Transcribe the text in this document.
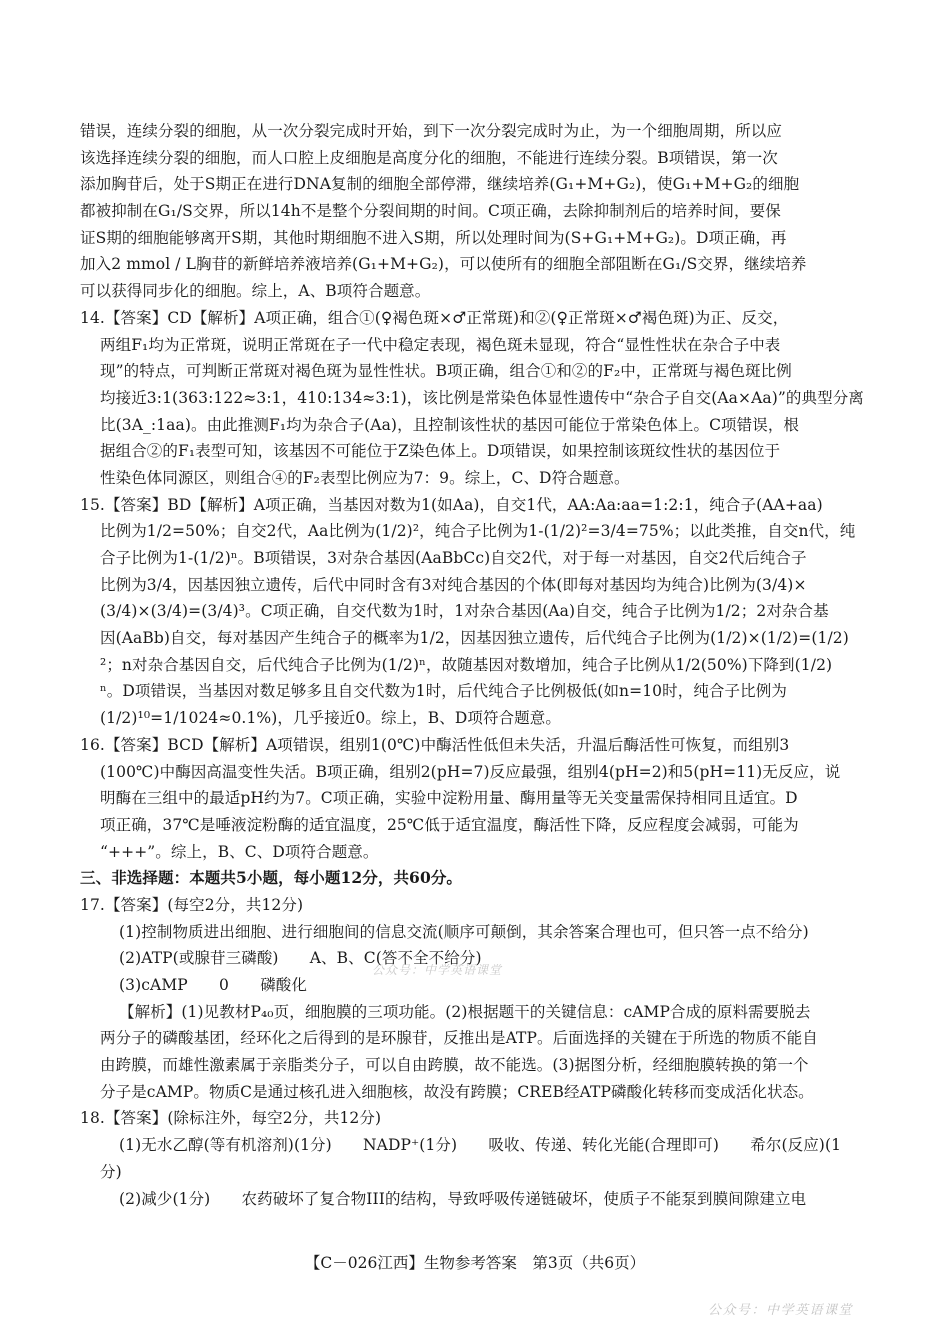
错误，连续分裂的细胞，从一次分裂完成时开始，到下一次分裂完成时为止，为一个细胞周期，所以应
该选择连续分裂的细胞，而人口腔上皮细胞是高度分化的细胞，不能进行连续分裂。B项错误，第一次
添加胸苷后，处于S期正在进行DNA复制的细胞全部停滞，继续培养(G₁+M+G₂)，使G₁+M+G₂的细胞
都被抑制在G₁/S交界，所以14h不是整个分裂间期的时间。C项正确，去除抑制剂后的培养时间，要保
证S期的细胞能够离开S期，其他时期细胞不进入S期，所以处理时间为(S+G₁+M+G₂)。D项正确，再
加入2 mmol / L胸苷的新鲜培养液培养(G₁+M+G₂)，可以使所有的细胞全部阻断在G₁/S交界，继续培养
可以获得同步化的细胞。综上，A、B项符合题意。
14.【答案】CD【解析】A项正确，组合①(♀褐色斑×♂正常斑)和②(♀正常斑×♂褐色斑)为正、反交，
两组F₁均为正常斑，说明正常斑在子一代中稳定表现，褐色斑未显现，符合“显性性状在杂合子中表
现”的特点，可判断正常斑对褐色斑为显性性状。B项正确，组合①和②的F₂中，正常斑与褐色斑比例
均接近3:1(363:122≈3:1，410:134≈3:1)，该比例是常染色体显性遗传中“杂合子自交(Aa×Aa)”的典型分离
比(3A_:1aa)。由此推测F₁均为杂合子(Aa)，且控制该性状的基因可能位于常染色体上。C项错误，根
据组合②的F₁表型可知，该基因不可能位于Z染色体上。D项错误，如果控制该斑纹性状的基因位于
性染色体同源区，则组合④的F₂表型比例应为7：9。综上，C、D符合题意。
15.【答案】BD【解析】A项正确，当基因对数为1(如Aa)，自交1代，AA:Aa:aa=1:2:1，纯合子(AA+aa)
比例为1/2=50%；自交2代，Aa比例为(1/2)²，纯合子比例为1-(1/2)²=3/4=75%；以此类推，自交n代，纯
合子比例为1-(1/2)ⁿ。B项错误，3对杂合基因(AaBbCc)自交2代，对于每一对基因，自交2代后纯合子
比例为3/4，因基因独立遗传，后代中同时含有3对纯合基因的个体(即每对基因均为纯合)比例为(3/4)×
(3/4)×(3/4)=(3/4)³。C项正确，自交代数为1时，1对杂合基因(Aa)自交，纯合子比例为1/2；2对杂合基
因(AaBb)自交，每对基因产生纯合子的概率为1/2，因基因独立遗传，后代纯合子比例为(1/2)×(1/2)=(1/2)
²；n对杂合基因自交，后代纯合子比例为(1/2)ⁿ，故随基因对数增加，纯合子比例从1/2(50%)下降到(1/2)
ⁿ。D项错误，当基因对数足够多且自交代数为1时，后代纯合子比例极低(如n=10时，纯合子比例为
(1/2)¹⁰=1/1024≈0.1%)，几乎接近0。综上，B、D项符合题意。
16.【答案】BCD【解析】A项错误，组别1(0℃)中酶活性低但未失活，升温后酶活性可恢复，而组别3
(100℃)中酶因高温变性失活。B项正确，组别2(pH=7)反应最强，组别4(pH=2)和5(pH=11)无反应，说
明酶在三组中的最适pH约为7。C项正确，实验中淀粉用量、酶用量等无关变量需保持相同且适宜。D
项正确，37℃是唾液淀粉酶的适宜温度，25℃低于适宜温度，酶活性下降，反应程度会减弱，可能为
“+++”。综上，B、C、D项符合题意。
三、非选择题：本题共5小题，每小题12分，共60分。
17.【答案】(每空2分，共12分)
(1)控制物质进出细胞、进行细胞间的信息交流(顺序可颠倒，其余答案合理也可，但只答一点不给分)
(2)ATP(或腺苷三磷酸)　　A、B、C(答不全不给分)
(3)cAMP　　0　　磷酸化
【解析】(1)见教材P₄₀页，细胞膜的三项功能。(2)根据题干的关键信息：cAMP合成的原料需要脱去
两分子的磷酸基团，经环化之后得到的是环腺苷，反推出是ATP。后面选择的关键在于所选的物质不能自
由跨膜，而雄性激素属于亲脂类分子，可以自由跨膜，故不能选。(3)据图分析，经细胞膜转换的第一个
分子是cAMP。物质C是通过核孔进入细胞核，故没有跨膜；CREB经ATP磷酸化转移而变成活化状态。
18.【答案】(除标注外，每空2分，共12分)
(1)无水乙醇(等有机溶剂)(1分)　　NADP⁺(1分)　　吸收、传递、转化光能(合理即可)　　希尔(反应)(1
分)
(2)减少(1分)　　农药破坏了复合物III的结构，导致呼吸传递链破坏，使质子不能泵到膜间隙建立电
公众号：中学英语课堂
【C－026江西】生物参考答案　第3页（共6页）
公众号：中学英语课堂
